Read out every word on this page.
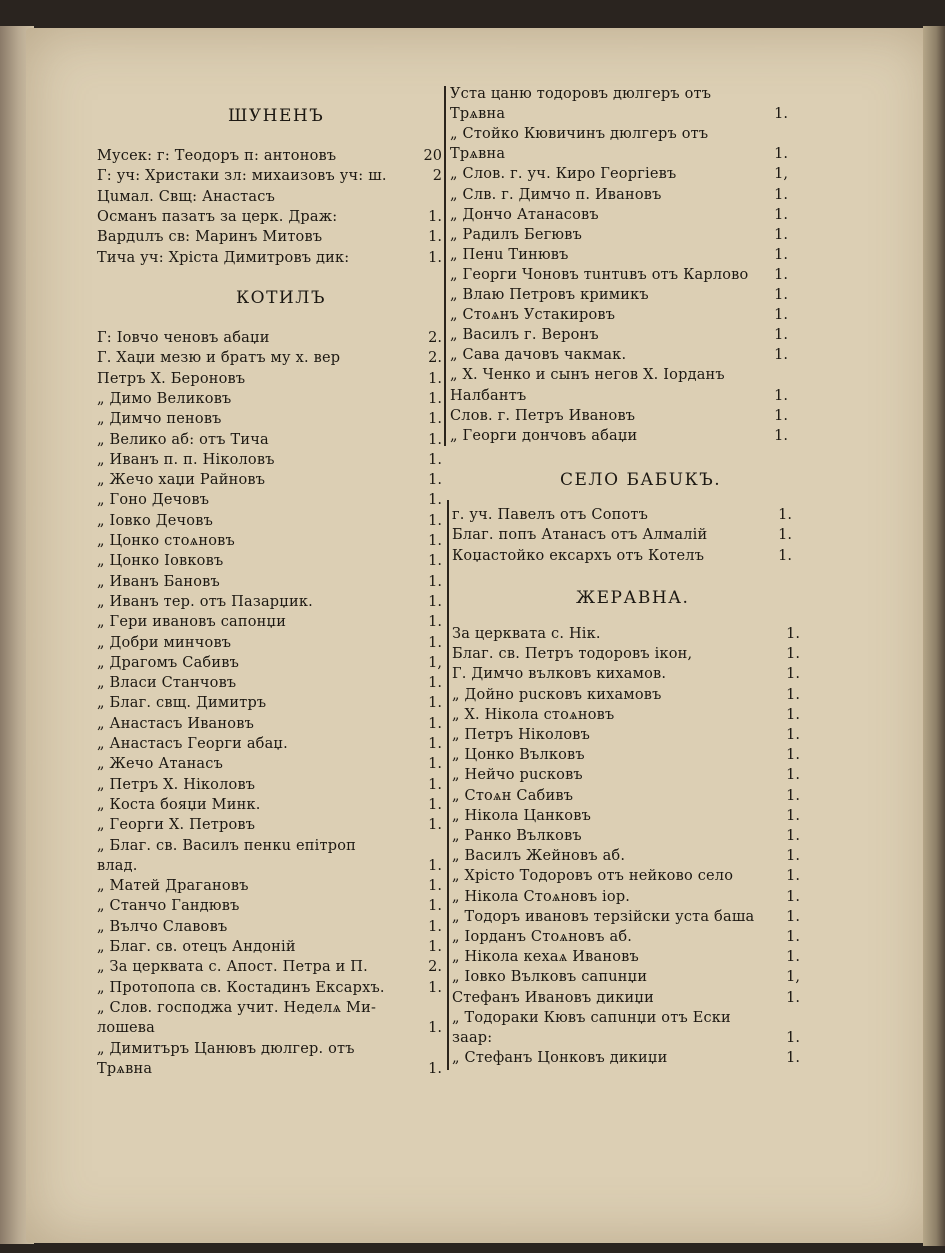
ШУНЕНЪ
Мусек: г: Теодоръ п: антоновъ	20
Г: уч: Христаки зл: михаизовъ уч: ш.	2
Цuмал. Свщ: Анастасъ
Османъ пазатъ за церк. Драж:	1.
Вардuлъ св: Маринъ Митовъ	1.
Тича уч: Хрiста Димитровъ дик:	1.
КОТИЛЪ
Г: Іовчо ченовъ абаџи	2.
Г. Хаџи мезю и братъ му х. вер	2.
Петръ Х. Бероновъ	1.
„ Димо Великовъ	1.
„ Димчо пеновъ	1.
„ Велико аб: отъ Тича	1.
„ Иванъ п. п. Ніколовъ	1.
„ Жечо хаџи Райновъ	1.
„ Гоно Дечовъ	1.
„ Іовко Дечовъ	1.
„ Цонко стоѧновъ	1.
„ Цонко Іовковъ	1.
„ Иванъ Бановъ	1.
„ Иванъ тер. отъ Пазарџик.	1.
„ Гери ивановъ сапонџи	1.
„ Добри минчовъ	1.
„ Драгомъ Сабивъ	1,
„ Власи Станчовъ	1.
„ Благ. свщ. Димитръ	1.
„ Анастасъ Ивановъ	1.
„ Анастасъ Георги абаџ.	1.
„ Жечо Атанасъ	1.
„ Петръ Х. Ніколовъ	1.
„ Коста бояџи Минк.	1.
„ Георги Х. Петровъ	1.
„ Благ. св. Василъ пенкu епітроп
влад.	1.
„ Матей Драгановъ	1.
„ Станчо Гандювъ	1.
„ Вълчо Славовъ	1.
„ Благ. св. отецъ Андоній	1.
„ За церквата с. Апост. Петра и П.	2.
„ Протопопа св. Костадинъ Ексархъ.	1.
„ Слов. господжа учит. Неделѧ Ми-
лошева	1.
„ Димитъръ Цанювъ дюлгер. отъ
Трѧвна	1.
Уста цаню тодоровъ дюлгеръ отъ
Трѧвна	1.
„ Стойко Кювичинъ дюлгеръ отъ
Трѧвна	1.
„ Слов. г. уч. Киро Георгіевъ	1,
„ Слв. г. Димчо п. Ивановъ	1.
„ Дончо Атанасовъ	1.
„ Радилъ Бегювъ	1.
„ Пенu Тинювъ	1.
„ Георги Чоновъ тuнтuвъ отъ Карлово	1.
„ Влаю Петровъ кримикъ	1.
„ Стоѧнъ Устакировъ	1.
„ Василъ г. Веронъ	1.
„ Сава дачовъ чакмак.	1.
„ Х. Ченко и сынъ негов Х. Іорданъ
Налбантъ	1.
Слов. г. Петръ Ивановъ	1.
„ Георги дончовъ абаџи	1.
СЕЛО БАБUКЪ.
г. уч. Павелъ отъ Сопотъ	1.
Благ. попъ Атанасъ отъ Алмалій	1.
Коџастойко ексархъ отъ Котелъ	1.
ЖЕРАВНА.
За церквата с. Нік.	1.
Благ. св. Петръ тодоровъ ікон,	1.
Г. Димчо вълковъ кихамов.	1.
„ Дойно рuсковъ кихамовъ	1.
„ Х. Нікола стоѧновъ	1.
„ Петръ Ніколовъ	1.
„ Цонко Вълковъ	1.
„ Нейчо рuсковъ	1.
„ Стоѧн Сабивъ	1.
„ Нікола Цанковъ	1.
„ Ранко Вълковъ	1.
„ Василъ Жейновъ аб.	1.
„ Хрісто Тодоровъ отъ нейково село	1.
„ Нікола Стоѧновъ іор.	1.
„ Тодоръ ивановъ терзійски уста баша	1.
„ Іорданъ Стоѧновъ аб.	1.
„ Нікола кехаѧ Ивановъ	1.
„ Іовко Вълковъ сапuнџи	1,
Стефанъ Ивановъ дикиџи	1.
„ Тодораки Кювъ сапuнџи отъ Ески
заар:	1.
„ Стефанъ Цонковъ дикиџи	1.
